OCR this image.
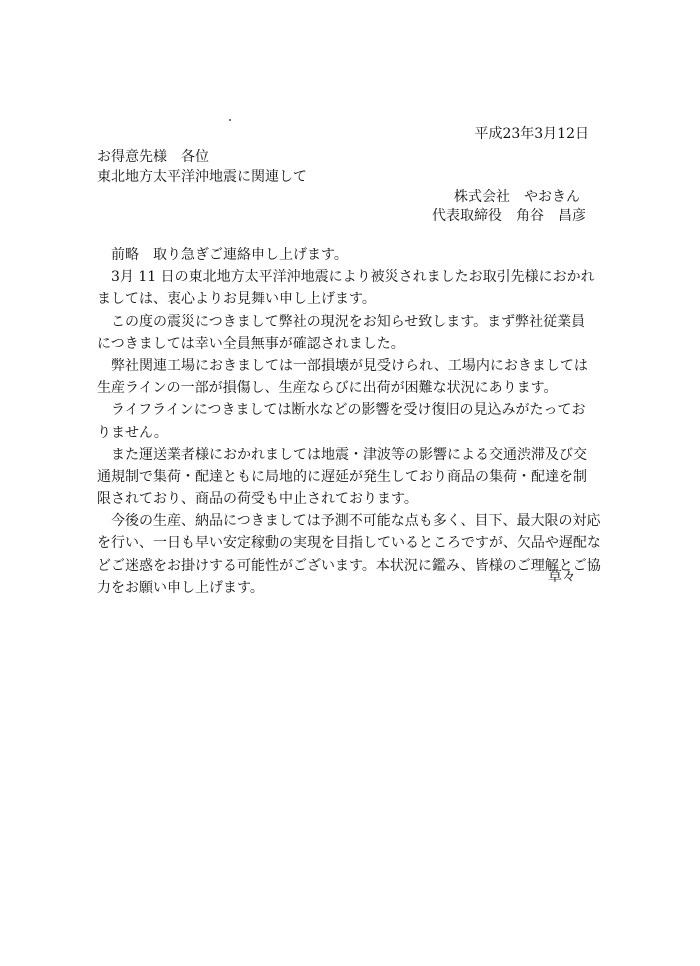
平成23年3月12日
お得意先様　各位
東北地方太平洋沖地震に関連して
株式会社　やおきん
代表取締役　角谷　昌彦
　前略　取り急ぎご連絡申し上げます。
　3月 11 日の東北地方太平洋沖地震により被災されましたお取引先様におかれ
ましては、衷心よりお見舞い申し上げます。
　この度の震災につきまして弊社の現況をお知らせ致します。まず弊社従業員
につきましては幸い全員無事が確認されました。
　弊社関連工場におきましては一部損壊が見受けられ、工場内におきましては
生産ラインの一部が損傷し、生産ならびに出荷が困難な状況にあります。
　ライフラインにつきましては断水などの影響を受け復旧の見込みがたってお
りません。
　また運送業者様におかれましては地震・津波等の影響による交通渋滞及び交
通規制で集荷・配達ともに局地的に遅延が発生しており商品の集荷・配達を制
限されており、商品の荷受も中止されております。
　今後の生産、納品につきましては予測不可能な点も多く、目下、最大限の対応
を行い、一日も早い安定稼動の実現を目指しているところですが、欠品や遅配な
どご迷惑をお掛けする可能性がございます。本状況に鑑み、皆様のご理解とご協
力をお願い申し上げます。
草々
